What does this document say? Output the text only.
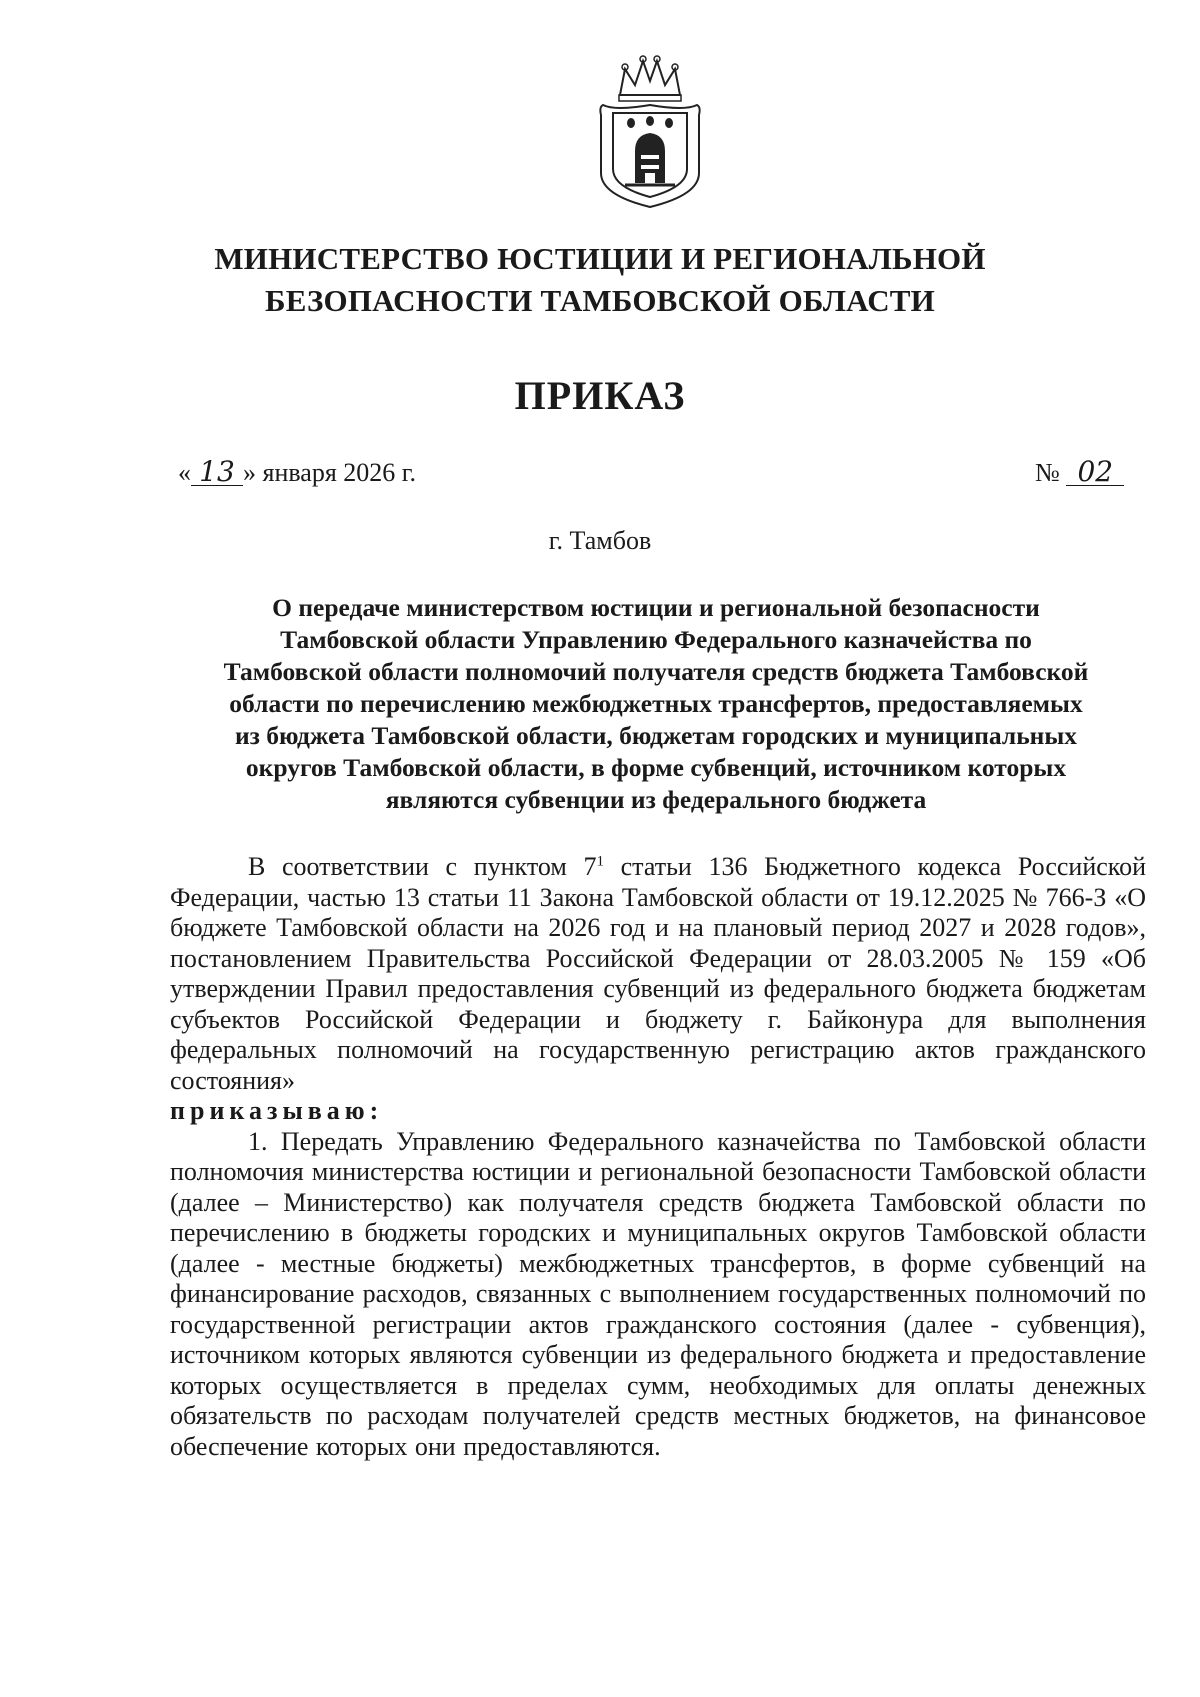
МИНИСТЕРСТВО ЮСТИЦИИ И РЕГИОНАЛЬНОЙ
БЕЗОПАСНОСТИ ТАМБОВСКОЙ ОБЛАСТИ
ПРИКАЗ
« 13 » января 2026 г.	№ 02
г. Тамбов
О передаче министерством юстиции и региональной безопасности
Тамбовской области Управлению Федерального казначейства по
Тамбовской области полномочий получателя средств бюджета Тамбовской
области по перечислению межбюджетных трансфертов, предоставляемых
из бюджета Тамбовской области, бюджетам городских и муниципальных
округов Тамбовской области, в форме субвенций, источником которых
являются субвенции из федерального бюджета

В соответствии с пунктом $7^1$ статьи 136 Бюджетного кодекса Российской Федерации, частью 13 статьи 11 Закона Тамбовской области от 19.12.2025 № 766-З «О бюджете Тамбовской области на 2026 год и на плановый период 2027 и 2028 годов», постановлением Правительства Российской Федерации от 28.03.2005 № 159 «Об утверждении Правил предоставления субвенций из федерального бюджета бюджетам субъектов Российской Федерации и бюджету г. Байконура для выполнения федеральных полномочий на государственную регистрацию актов гражданского состояния»

приказываю:

1. Передать Управлению Федерального казначейства по Тамбовской области полномочия министерства юстиции и региональной безопасности Тамбовской области (далее – Министерство) как получателя средств бюджета Тамбовской области по перечислению в бюджеты городских и муниципальных округов Тамбовской области (далее - местные бюджеты) межбюджетных трансфертов, в форме субвенций на финансирование расходов, связанных с выполнением государственных полномочий по государственной регистрации актов гражданского состояния (далее - субвенция), источником которых являются субвенции из федерального бюджета и предоставление которых осуществляется в пределах сумм, необходимых для оплаты денежных обязательств по расходам получателей средств местных бюджетов, на финансовое обеспечение которых они предоставляются.
